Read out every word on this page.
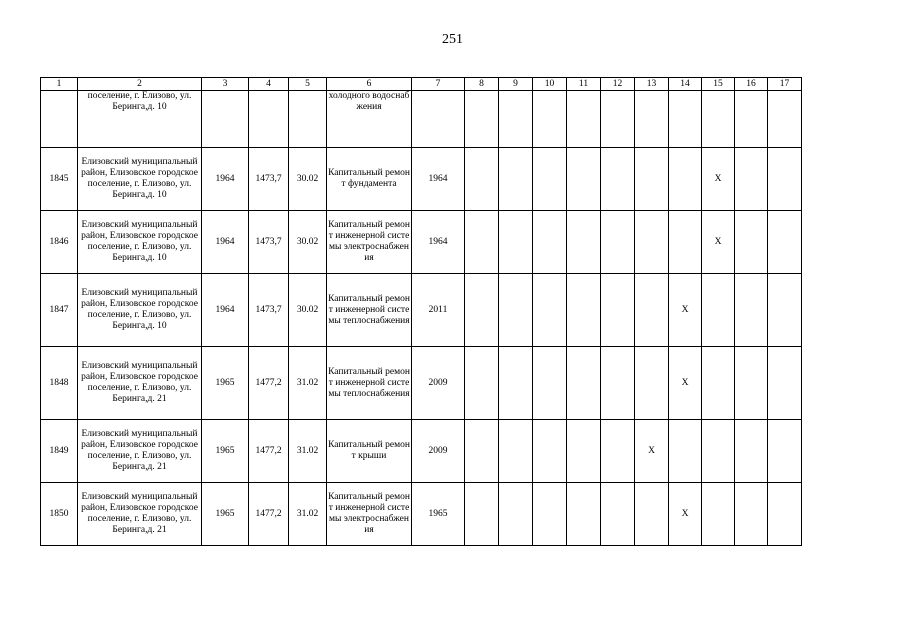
251
1	2	3	4	5	6	7	8	9	10	11	12	13	14	15	16	17
	поселение, г. Елизово, ул. Беринга,д. 10				холодного водоснабжения											
1845	Елизовский муниципальный район, Елизовское городское поселение, г. Елизово, ул. Беринга,д. 10	1964	1473,7	30.02	Капитальный ремонт фундамента	1964								X		
1846	Елизовский муниципальный район, Елизовское городское поселение, г. Елизово, ул. Беринга,д. 10	1964	1473,7	30.02	Капитальный ремонт инженерной системы электроснабжения	1964								X		
1847	Елизовский муниципальный район, Елизовское городское поселение, г. Елизово, ул. Беринга,д. 10	1964	1473,7	30.02	Капитальный ремонт инженерной системы теплоснабжения	2011							X			
1848	Елизовский муниципальный район, Елизовское городское поселение, г. Елизово, ул. Беринга,д. 21	1965	1477,2	31.02	Капитальный ремонт инженерной системы теплоснабжения	2009							X			
1849	Елизовский муниципальный район, Елизовское городское поселение, г. Елизово, ул. Беринга,д. 21	1965	1477,2	31.02	Капитальный ремонт крыши	2009						X				
1850	Елизовский муниципальный район, Елизовское городское поселение, г. Елизово, ул. Беринга,д. 21	1965	1477,2	31.02	Капитальный ремонт инженерной системы электроснабжения	1965							X			
